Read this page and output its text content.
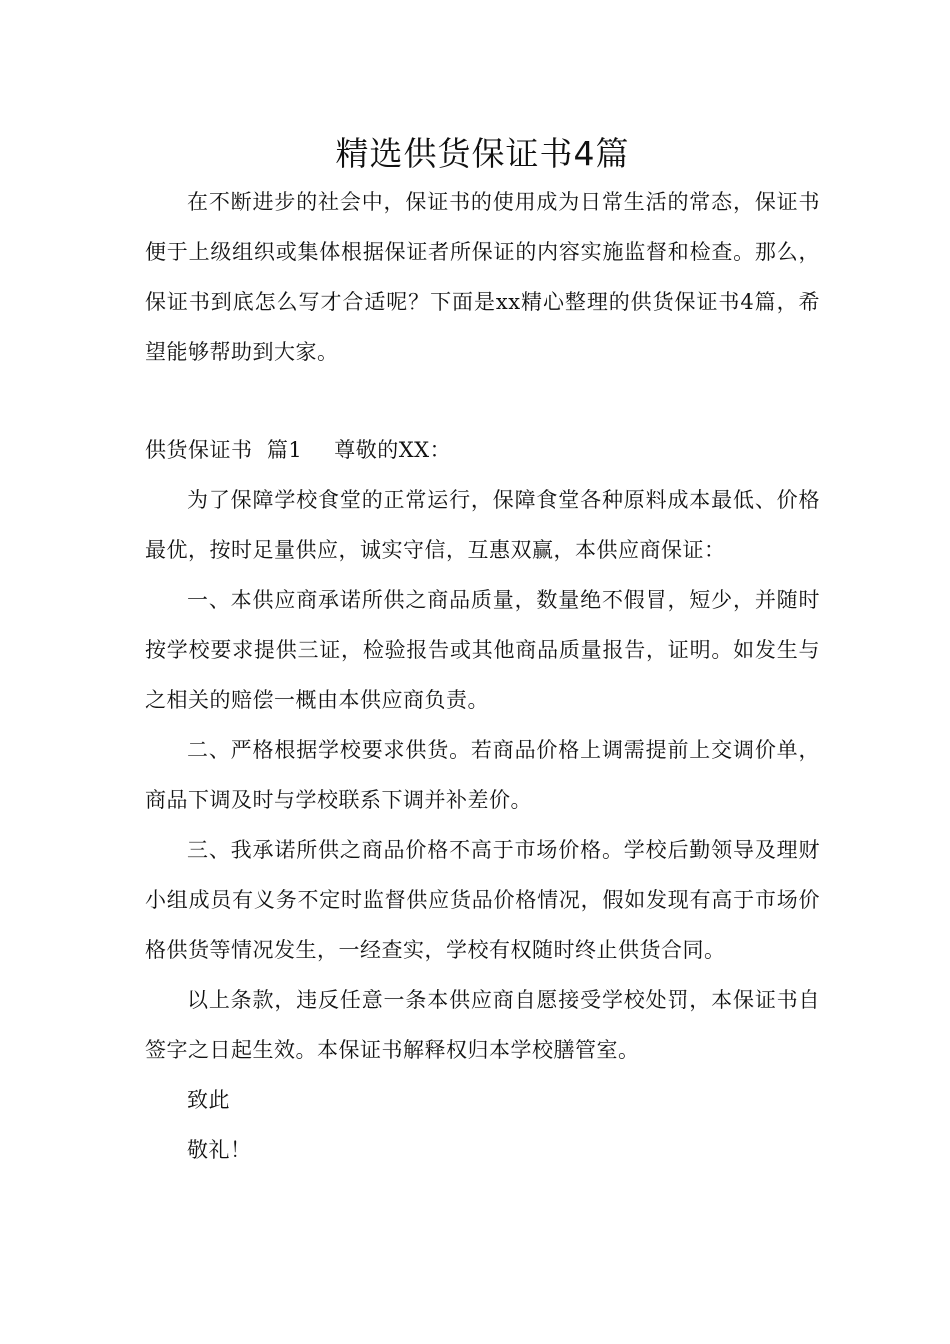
精选供货保证书4篇

在不断进步的社会中，保证书的使用成为日常生活的常态，保证书便于上级组织或集体根据保证者所保证的内容实施监督和检查。那么，保证书到底怎么写才合适呢？下面是xx精心整理的供货保证书4篇，希望能够帮助到大家。

供货保证书  篇1 尊敬的XX：

为了保障学校食堂的正常运行，保障食堂各种原料成本最低、价格最优，按时足量供应，诚实守信，互惠双赢，本供应商保证：

一、本供应商承诺所供之商品质量，数量绝不假冒，短少，并随时按学校要求提供三证，检验报告或其他商品质量报告，证明。如发生与之相关的赔偿一概由本供应商负责。

二、严格根据学校要求供货。若商品价格上调需提前上交调价单，商品下调及时与学校联系下调并补差价。

三、我承诺所供之商品价格不高于市场价格。学校后勤领导及理财小组成员有义务不定时监督供应货品价格情况，假如发现有高于市场价格供货等情况发生，一经查实，学校有权随时终止供货合同。

以上条款，违反任意一条本供应商自愿接受学校处罚，本保证书自签字之日起生效。本保证书解释权归本学校膳管室。

致此

敬礼！
